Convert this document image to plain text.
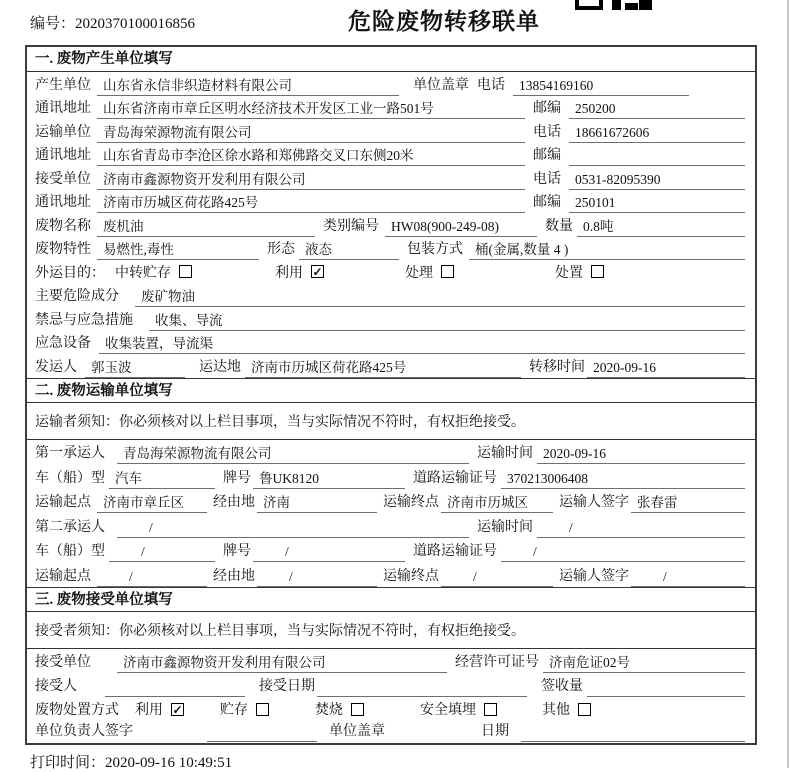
编号：2020370100016856	危险废物转移联单
一. 废物产生单位填写
产生单位 山东省永信非织造材料有限公司	单位盖章 电话	13854169160
通讯地址 山东省济南市章丘区明水经济技术开发区工业一路501号	邮编	250200
运输单位 青岛海荣源物流有限公司	电话	18661672606
通讯地址 山东省青岛市李沧区徐水路和郑佛路交叉口东侧20米	邮编
接受单位 济南市鑫源物资开发利用有限公司	电话	0531-82095390
通讯地址 济南市历城区荷花路425号	邮编	250101
废物名称 废机油	类别编号 HW08(900-249-08)	数量 0.8吨
废物特性 易燃性,毒性	形态 液态	包装方式 桶(金属,数量 4 )
外运目的： 中转贮存	利用 ✓	处理	处置
主要危险成分	废矿物油
禁忌与应急措施	收集、导流
应急设备	收集装置，导流渠
发运人	郭玉波	运达地 济南市历城区荷花路425号	转移时间 2020-09-16
二. 废物运输单位填写
运输者须知：你必须核对以上栏目事项，当与实际情况不符时，有权拒绝接受。
第一承运人	青岛海荣源物流有限公司	运输时间 2020-09-16
车（船）型 汽车	牌号 鲁UK8120	道路运输证号 370213006408
运输起点 济南市章丘区	经由地 济南	运输终点 济南市历城区	运输人签字 张春雷
第二承运人	/	运输时间	/
车（船）型	/	牌号	/	道路运输证号	/
运输起点	/	经由地	/	运输终点	/	运输人签字	/
三. 废物接受单位填写
接受者须知：你必须核对以上栏目事项，当与实际情况不符时，有权拒绝接受。
接受单位	济南市鑫源物资开发利用有限公司	经营许可证号 济南危证02号
接受人	接受日期	签收量
废物处置方式	利用 ✓	贮存	焚烧	安全填埋	其他
单位负责人签字	单位盖章	日期
打印时间：2020-09-16 10:49:51
